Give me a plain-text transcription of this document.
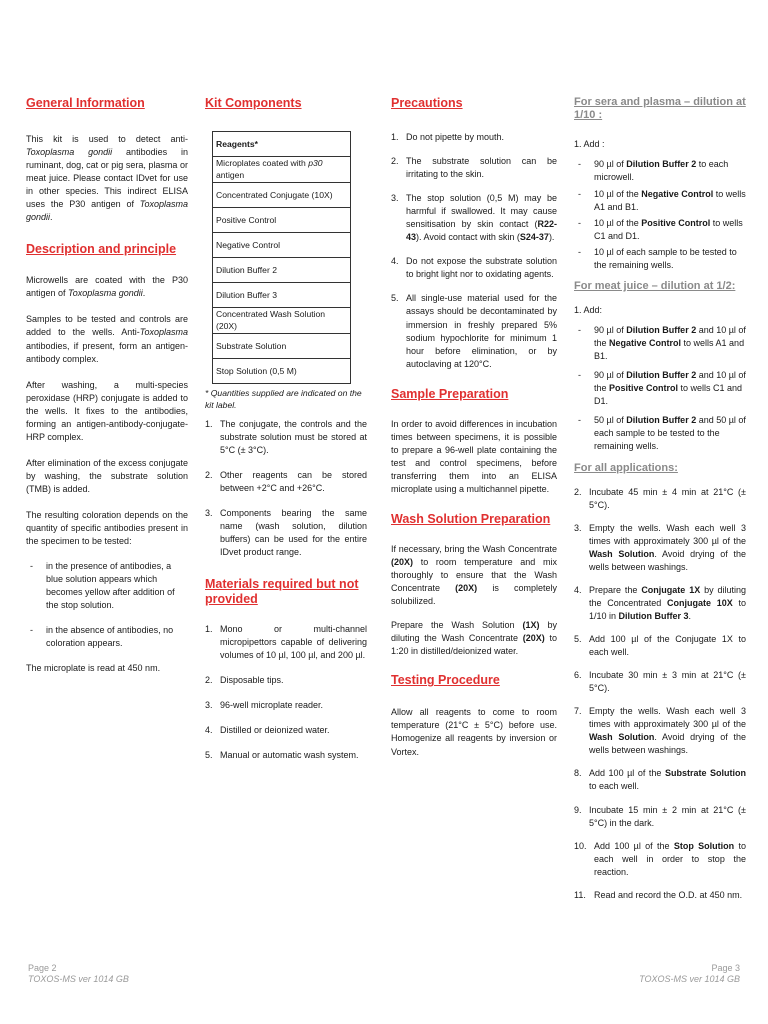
General Information

This kit is used to detect anti-Toxoplasma gondii antibodies in ruminant, dog, cat or pig sera, plasma or meat juice. Please contact IDvet for use in other species. This indirect ELISA uses the P30 antigen of Toxoplasma gondii.

Description and principle

Microwells are coated with the P30 antigen of Toxoplasma gondii.

Samples to be tested and controls are added to the wells. Anti-Toxoplasma antibodies, if present, form an antigen-antibody complex.

After washing, a multi-species peroxidase (HRP) conjugate is added to the wells. It fixes to the antibodies, forming an antigen-antibody-conjugate-HRP complex.

After elimination of the excess conjugate by washing, the substrate solution (TMB) is added.

The resulting coloration depends on the quantity of specific antibodies present in the specimen to be tested:

-	in the presence of antibodies, a blue solution appears which becomes yellow after addition of the stop solution.
-	in the absence of antibodies, no coloration appears.

The microplate is read at 450 nm.

Kit Components
Reagents*
Microplates coated with p30 antigen
Concentrated Conjugate (10X)
Positive Control
Negative Control
Dilution Buffer 2
Dilution Buffer 3
Concentrated Wash Solution (20X)
Substrate Solution
Stop Solution (0,5 M)
* Quantities supplied are indicated on the kit label.
1. The conjugate, the controls and the substrate solution must be stored at 5°C (± 3°C).
2. Other reagents can be stored between +2°C and +26°C.
3. Components bearing the same name (wash solution, dilution buffers) can be used for the entire IDvet product range.
Materials required but not provided
1. Mono or multi-channel micropipettors capable of delivering volumes of 10 µl, 100 µl, and 200 µl.
2. Disposable tips.
3. 96-well microplate reader.
4. Distilled or deionized water.
5. Manual or automatic wash system.
Precautions
1. Do not pipette by mouth.
2. The substrate solution can be irritating to the skin.
3. The stop solution (0,5 M) may be harmful if swallowed. It may cause sensitisation by skin contact (R22-43). Avoid contact with skin (S24-37).
4. Do not expose the substrate solution to bright light nor to oxidating agents.
5. All single-use material used for the assays should be decontaminated by immersion in freshly prepared 5% sodium hypochlorite for minimum 1 hour before elimination, or by autoclaving at 120°C.
Sample Preparation

In order to avoid differences in incubation times between specimens, it is possible to prepare a 96-well plate containing the test and control specimens, before transferring them into an ELISA microplate using a multichannel pipette.

Wash Solution Preparation

If necessary, bring the Wash Concentrate (20X) to room temperature and mix thoroughly to ensure that the Wash Concentrate (20X) is completely solubilized.

Prepare the Wash Solution (1X) by diluting the Wash Concentrate (20X) to 1:20 in distilled/deionized water.

Testing Procedure

Allow all reagents to come to room temperature (21°C ± 5°C) before use. Homogenize all reagents by inversion or Vortex.

For sera and plasma – dilution at 1/10 :
1. Add :
-	90 µl of Dilution Buffer 2 to each microwell.
-	10 µl of the Negative Control to wells A1 and B1.
-	10 µl of the Positive Control to wells C1 and D1.
-	10 µl of each sample to be tested to the remaining wells.
For meat juice – dilution at 1/2:
1. Add:
-	90 µl of Dilution Buffer 2 and 10 µl of the Negative Control to wells A1 and B1.
-	90 µl of Dilution Buffer 2 and 10 µl of the Positive Control to wells C1 and D1.
-	50 µl of Dilution Buffer 2 and 50 µl of each sample to be tested to the remaining wells.
For all applications:
2. Incubate 45 min ± 4 min at 21°C (± 5°C).
3. Empty the wells. Wash each well 3 times with approximately 300 µl of the Wash Solution. Avoid drying of the wells between washings.
4. Prepare the Conjugate 1X by diluting the Concentrated Conjugate 10X to 1/10 in Dilution Buffer 3.
5. Add 100 µl of the Conjugate 1X to each well.
6. Incubate 30 min ± 3 min at 21°C (± 5°C).
7. Empty the wells. Wash each well 3 times with approximately 300 µl of the Wash Solution. Avoid drying of the wells between washings.
8. Add 100 µl of the Substrate Solution to each well.
9. Incubate 15 min ± 2 min at 21°C (± 5°C) in the dark.
10. Add 100 µl of the Stop Solution to each well in order to stop the reaction.
11. Read and record the O.D. at 450 nm.
Page 2
TOXOS-MS ver 1014 GB
Page 3
TOXOS-MS ver 1014 GB
